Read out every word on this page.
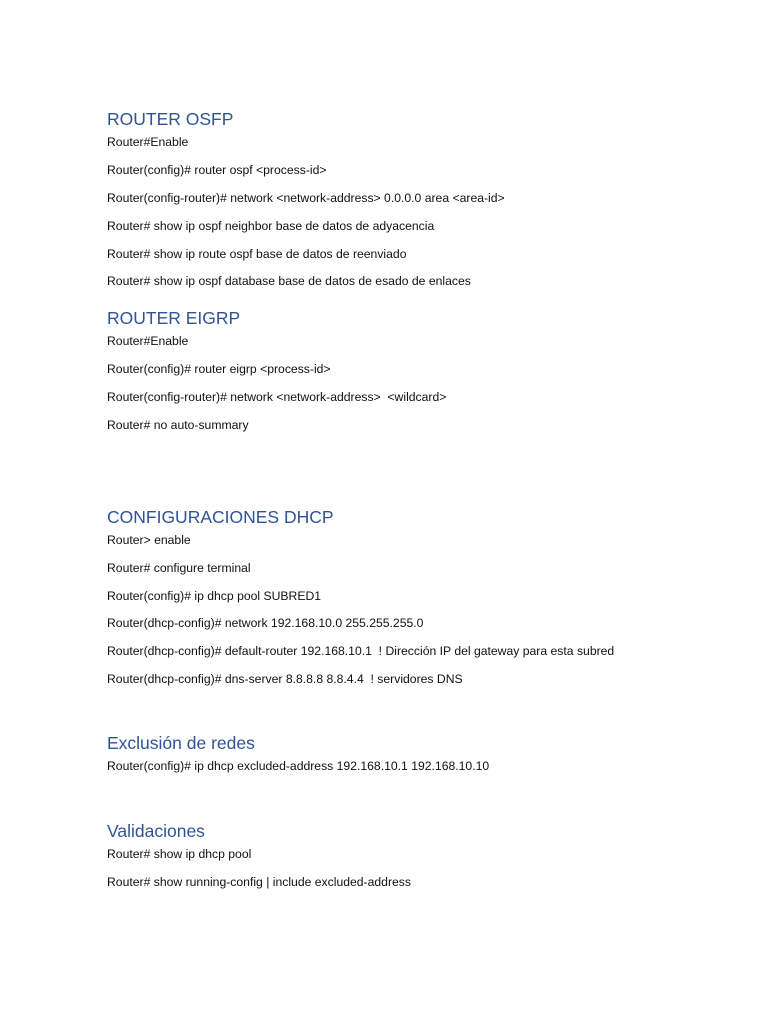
ROUTER OSFP

Router#Enable

Router(config)# router ospf <process-id>

Router(config-router)# network <network-address> 0.0.0.0 area <area-id>

Router# show ip ospf neighbor base de datos de adyacencia

Router# show ip route ospf base de datos de reenviado

Router# show ip ospf database base de datos de esado de enlaces

ROUTER EIGRP

Router#Enable

Router(config)# router eigrp <process-id>

Router(config-router)# network <network-address>  <wildcard>

Router# no auto-summary

CONFIGURACIONES DHCP

Router> enable

Router# configure terminal

Router(config)# ip dhcp pool SUBRED1

Router(dhcp-config)# network 192.168.10.0 255.255.255.0

Router(dhcp-config)# default-router 192.168.10.1  ! Dirección IP del gateway para esta subred

Router(dhcp-config)# dns-server 8.8.8.8 8.8.4.4  ! servidores DNS

Exclusión de redes

Router(config)# ip dhcp excluded-address 192.168.10.1 192.168.10.10

Validaciones

Router# show ip dhcp pool

Router# show running-config | include excluded-address
